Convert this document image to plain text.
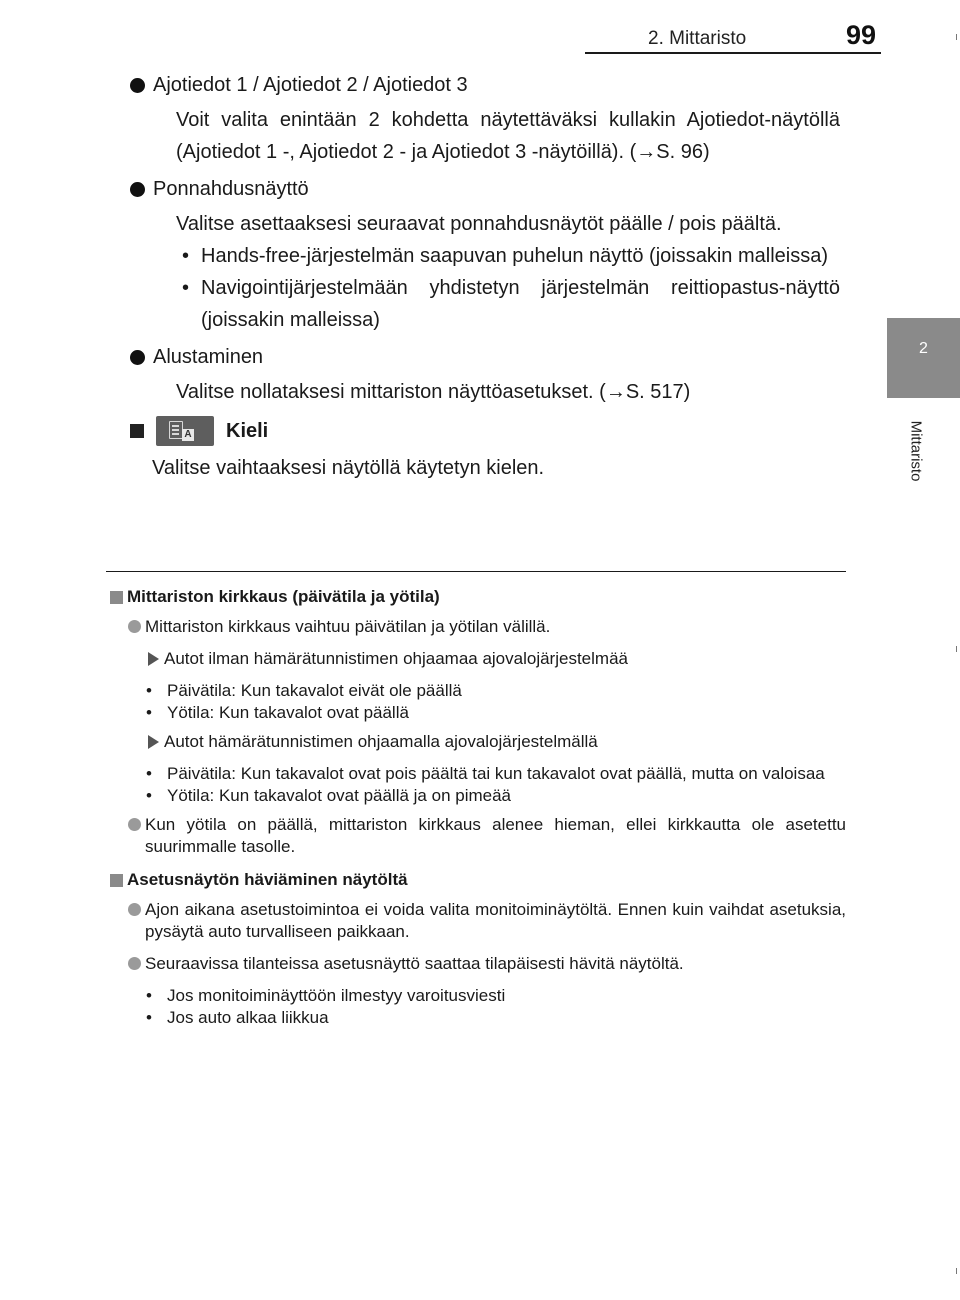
2. Mittaristo	99
2
Mittaristo
Ajotiedot 1 / Ajotiedot 2 / Ajotiedot 3

Voit valita enintään 2 kohdetta näytettäväksi kullakin Ajotiedot-näytöllä (Ajotiedot 1 -, Ajotiedot 2 - ja Ajotiedot 3 -näytöillä). (→S. 96)

Ponnahdusnäyttö

Valitse asettaaksesi seuraavat ponnahdusnäytöt päälle / pois päältä.

• Hands-free-järjestelmän saapuvan puhelun näyttö (joissakin malleissa)
• Navigointijärjestelmään yhdistetyn järjestelmän reittiopastus-näyttö (joissakin malleissa)
Alustaminen

Valitse nollataksesi mittariston näyttöasetukset. (→S. 517)

A Kieli

Valitse vaihtaaksesi näytöllä käytetyn kielen.

Mittariston kirkkaus (päivätila ja yötila)
Mittariston kirkkaus vaihtuu päivätilan ja yötilan välillä.
Autot ilman hämärätunnistimen ohjaamaa ajovalojärjestelmää
• Päivätila: Kun takavalot eivät ole päällä
• Yötila: Kun takavalot ovat päällä
Autot hämärätunnistimen ohjaamalla ajovalojärjestelmällä
• Päivätila: Kun takavalot ovat pois päältä tai kun takavalot ovat päällä, mutta on valoisaa
• Yötila: Kun takavalot ovat päällä ja on pimeää
Kun yötila on päällä, mittariston kirkkaus alenee hieman, ellei kirkkautta ole asetettu suurimmalle tasolle.
Asetusnäytön häviäminen näytöltä
Ajon aikana asetustoimintoa ei voida valita monitoiminäytöltä. Ennen kuin vaihdat asetuksia, pysäytä auto turvalliseen paikkaan.
Seuraavissa tilanteissa asetusnäyttö saattaa tilapäisesti hävitä näytöltä.
• Jos monitoiminäyttöön ilmestyy varoitusviesti
• Jos auto alkaa liikkua
